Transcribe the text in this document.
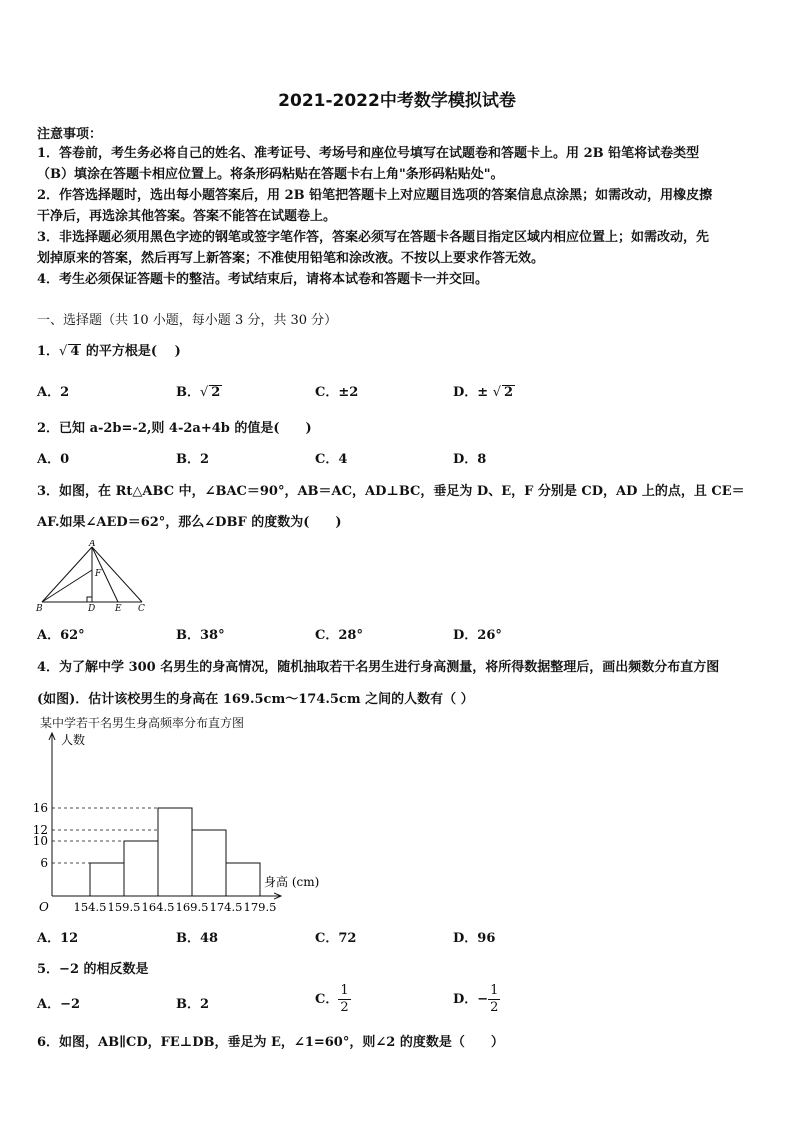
2021-2022中考数学模拟试卷
注意事项：
1．答卷前，考生务必将自己的姓名、准考证号、考场号和座位号填写在试题卷和答题卡上。用 2B 铅笔将试卷类型
（B）填涂在答题卡相应位置上。将条形码粘贴在答题卡右上角"条形码粘贴处"。
2．作答选择题时，选出每小题答案后，用 2B 铅笔把答题卡上对应题目选项的答案信息点涂黑；如需改动，用橡皮擦
干净后，再选涂其他答案。答案不能答在试题卷上。
3．非选择题必须用黑色字迹的钢笔或签字笔作答，答案必须写在答题卡各题目指定区域内相应位置上；如需改动，先
划掉原来的答案，然后再写上新答案；不准使用铅笔和涂改液。不按以上要求作答无效。
4．考生必须保证答题卡的整洁。考试结束后，请将本试卷和答题卡一并交回。
一、选择题（共 10 小题，每小题 3 分，共 30 分）
1．√ 4 的平方根是(　 )
A．2	B．√ 2	C．±2	D．± √ 2
2．已知 a-2b=-2,则 4-2a+4b 的值是(　　)
A．0	B．2	C．4	D．8
3．如图，在 Rt△ABC 中，∠BAC＝90°，AB＝AC，AD⊥BC，垂足为 D、E，F 分别是 CD，AD 上的点，且 CE＝
AF.如果∠AED＝62°，那么∠DBF 的度数为(　　)
A
B	C
D E
F
A．62°	B．38°	C．28°	D．26°
4．为了解中学 300 名男生的身高情况，随机抽取若干名男生进行身高测量，将所得数据整理后，画出频数分布直方图
(如图)．估计该校男生的身高在 169.5cm～174.5cm 之间的人数有（ ）
某中学若干名男生身高频率分布直方图
人数
身高 (cm)
O
6
10
12
16
154.5 159.5 164.5 169.5 174.5 179.5
A．12	B．48	C．72	D．96
5．−2 的相反数是
A．−2	B．2	C． $\frac{1}{2}$	D．− $\frac{1}{2}$
6．如图，AB∥CD，FE⊥DB，垂足为 E，∠1=60°，则∠2 的度数是（　　）
